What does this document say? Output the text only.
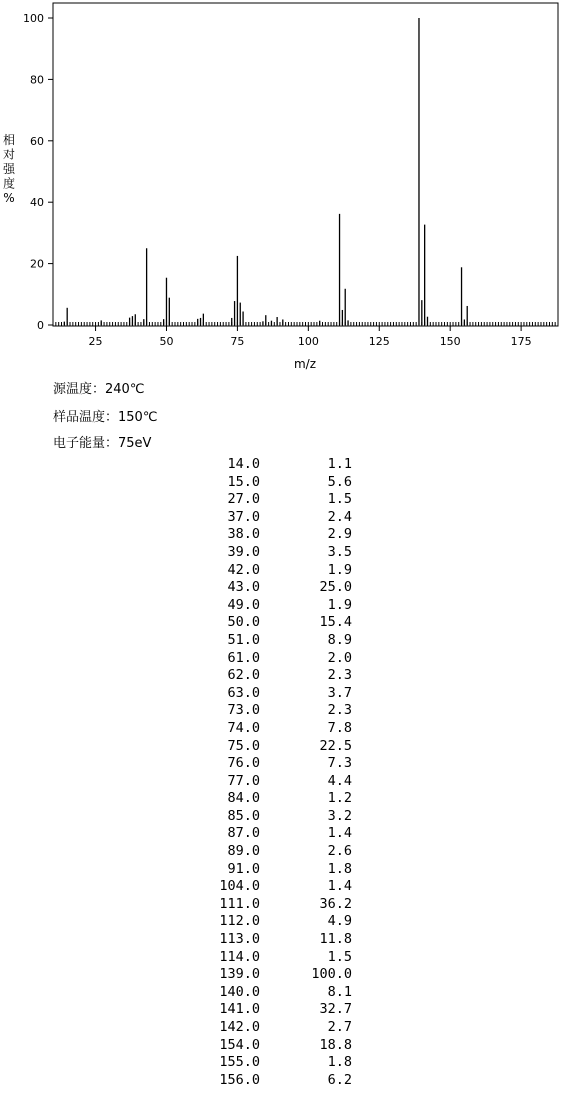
25	50	75	100	125	150	175
0
20
40
60
80
100
m/z
相
对
强
度
%
源温度：240℃
样品温度：150℃
电子能量：75eV
14.0	1.1
15.0	5.6
27.0	1.5
37.0	2.4
38.0	2.9
39.0	3.5
42.0	1.9
43.0	25.0
49.0	1.9
50.0	15.4
51.0	8.9
61.0	2.0
62.0	2.3
63.0	3.7
73.0	2.3
74.0	7.8
75.0	22.5
76.0	7.3
77.0	4.4
84.0	1.2
85.0	3.2
87.0	1.4
89.0	2.6
91.0	1.8
104.0	1.4
111.0	36.2
112.0	4.9
113.0	11.8
114.0	1.5
139.0	100.0
140.0	8.1
141.0	32.7
142.0	2.7
154.0	18.8
155.0	1.8
156.0	6.2
